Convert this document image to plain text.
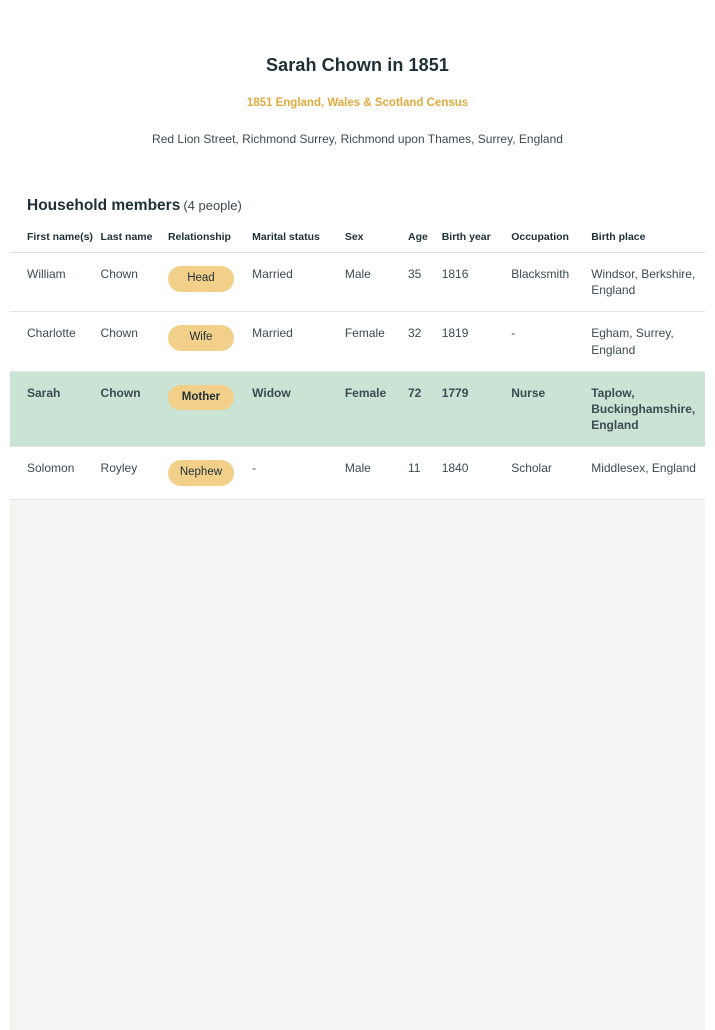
Sarah Chown in 1851
1851 England, Wales & Scotland Census
Red Lion Street, Richmond Surrey, Richmond upon Thames, Surrey, England
Household members (4 people)
First name(s)	Last name	Relationship	Marital status	Sex	Age	Birth year	Occupation	Birth place
William	Chown	Head	Married	Male	35	1816	Blacksmith	Windsor, Berkshire, England
Charlotte	Chown	Wife	Married	Female	32	1819	-	Egham, Surrey, England
Sarah	Chown	Mother	Widow	Female	72	1779	Nurse	Taplow, Buckinghamshire, England
Solomon	Royley	Nephew	-	Male	11	1840	Scholar	Middlesex, England
